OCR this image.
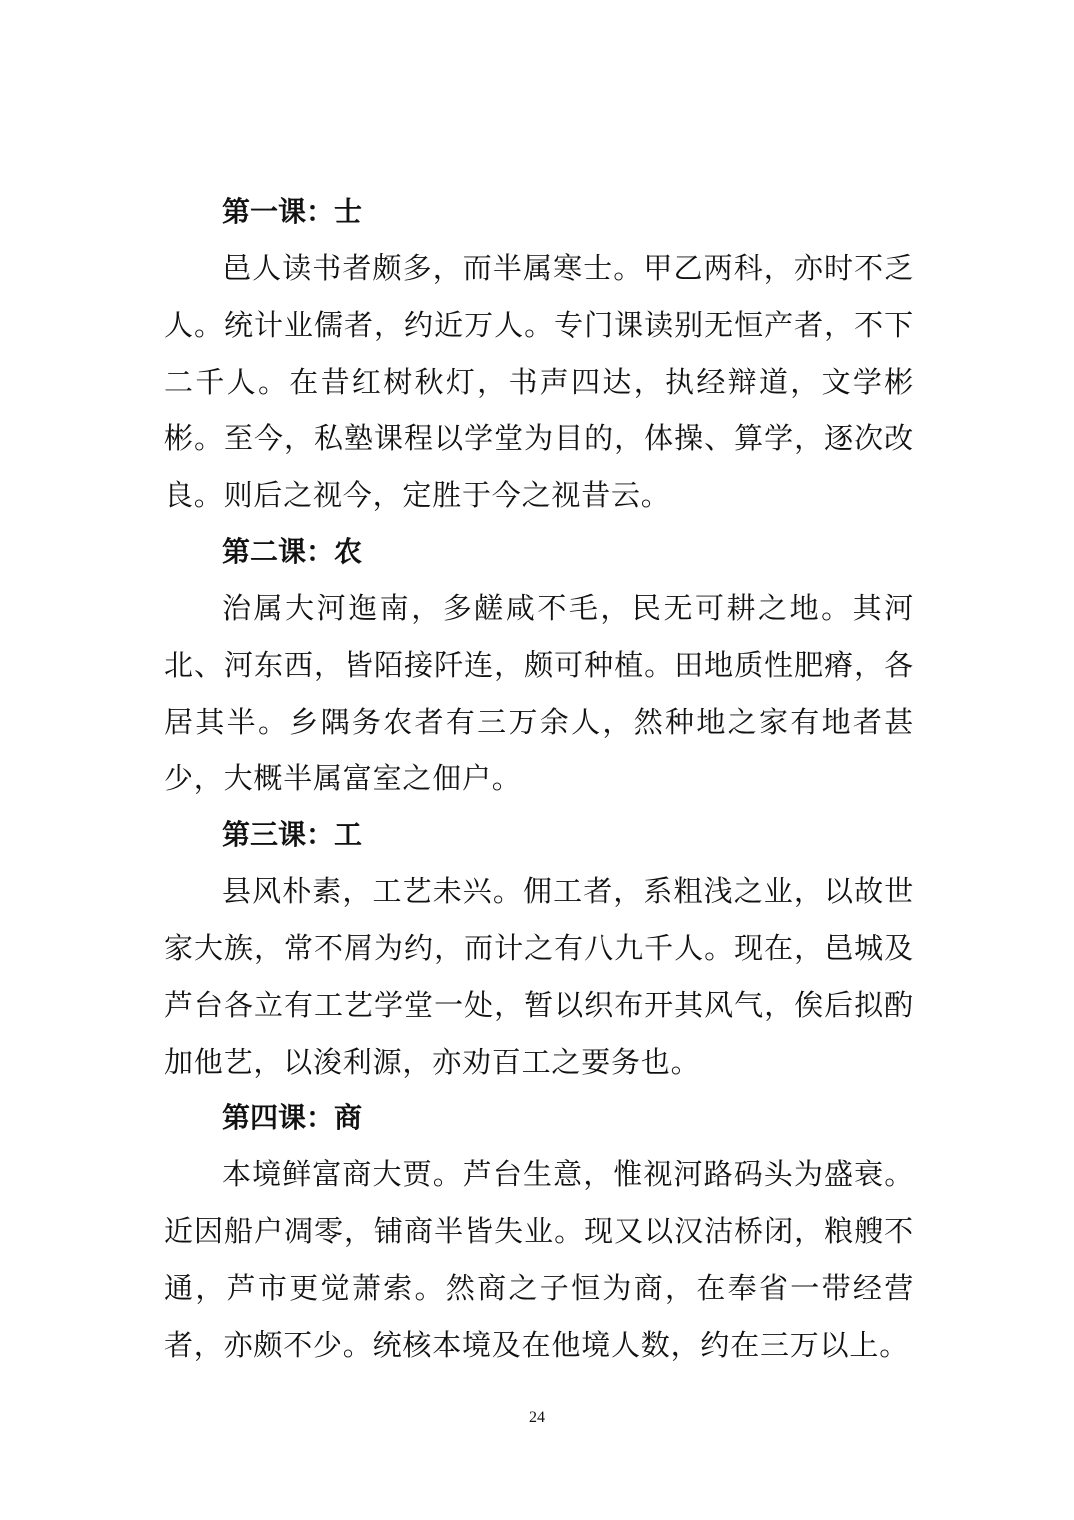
第一课：士

邑人读书者颇多，而半属寒士。甲乙两科，亦时不乏人。统计业儒者，约近万人。专门课读别无恒产者，不下二千人。在昔红树秋灯，书声四达，执经辩道，文学彬彬。至今，私塾课程以学堂为目的，体操、算学，逐次改良。则后之视今，定胜于今之视昔云。

第二课：农

治属大河迤南，多鹾咸不毛，民无可耕之地。其河北、河东西，皆陌接阡连，颇可种植。田地质性肥瘠，各居其半。乡隅务农者有三万余人，然种地之家有地者甚少，大概半属富室之佃户。

第三课：工

县风朴素，工艺未兴。佣工者，系粗浅之业，以故世家大族，常不屑为约，而计之有八九千人。现在，邑城及芦台各立有工艺学堂一处，暂以织布开其风气，俟后拟酌加他艺，以浚利源，亦劝百工之要务也。

第四课：商

本境鲜富商大贾。芦台生意，惟视河路码头为盛衰。近因船户凋零，铺商半皆失业。现又以汉沽桥闭，粮艘不通，芦市更觉萧索。然商之子恒为商，在奉省一带经营者，亦颇不少。统核本境及在他境人数，约在三万以上。

24
